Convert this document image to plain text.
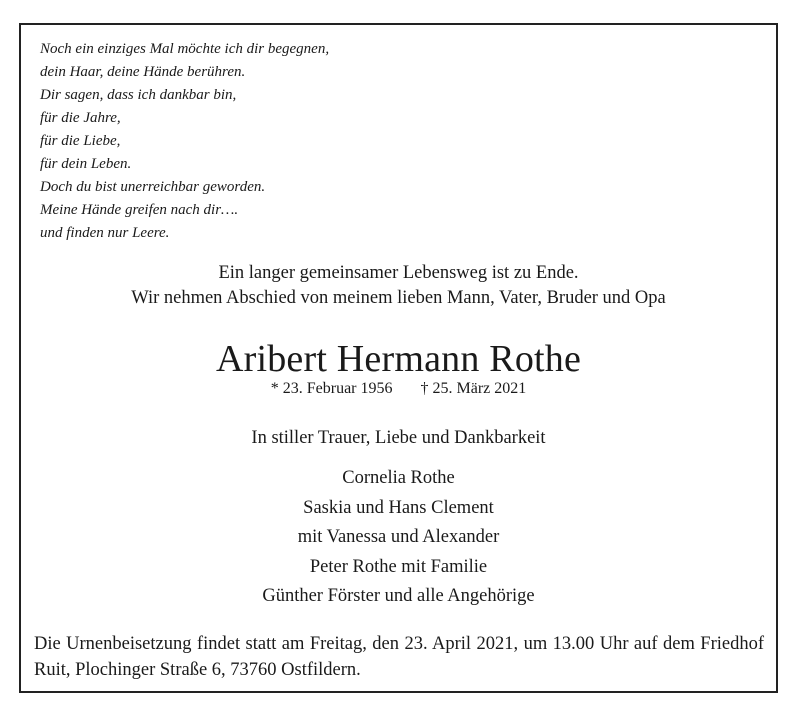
Noch ein einziges Mal möchte ich dir begegnen,
dein Haar, deine Hände berühren.
Dir sagen, dass ich dankbar bin,
für die Jahre,
für die Liebe,
für dein Leben.
Doch du bist unerreichbar geworden.
Meine Hände greifen nach dir….
und finden nur Leere.
Ein langer gemeinsamer Lebensweg ist zu Ende.
Wir nehmen Abschied von meinem lieben Mann, Vater, Bruder und Opa
Aribert Hermann Rothe
* 23. Februar 1956 † 25. März 2021
In stiller Trauer, Liebe und Dankbarkeit
Cornelia Rothe
Saskia und Hans Clement
mit Vanessa und Alexander
Peter Rothe mit Familie
Günther Förster und alle Angehörige
Die Urnenbeisetzung findet statt am Freitag, den 23. April 2021, um 13.00 Uhr auf dem Friedhof Ruit, Plochinger Straße 6, 73760 Ostfildern.
